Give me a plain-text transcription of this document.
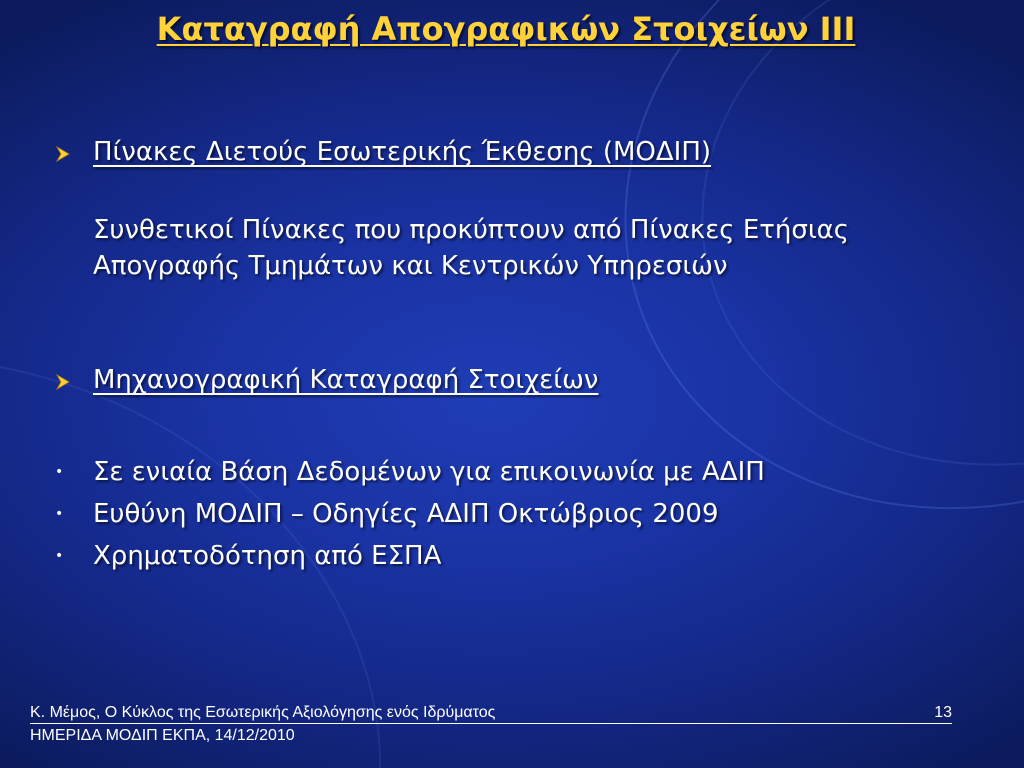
Καταγραφή Απογραφικών Στοιχείων ΙΙΙ
Πίνακες Διετούς Εσωτερικής Έκθεσης (ΜΟΔΙΠ)
Συνθετικοί Πίνακες που προκύπτουν από Πίνακες Ετήσιας
Απογραφής Τμημάτων και Κεντρικών Υπηρεσιών
Μηχανογραφική Καταγραφή Στοιχείων
• Σε ενιαία Βάση Δεδομένων για επικοινωνία με ΑΔΙΠ
• Ευθύνη ΜΟΔΙΠ – Οδηγίες ΑΔΙΠ Οκτώβριος 2009
• Χρηματοδότηση από ΕΣΠΑ
Κ. Μέμος, Ο Κύκλος της Εσωτερικής Αξιολόγησης ενός Ιδρύματος	13
ΗΜΕΡΙΔΑ ΜΟΔΙΠ ΕΚΠΑ, 14/12/2010
